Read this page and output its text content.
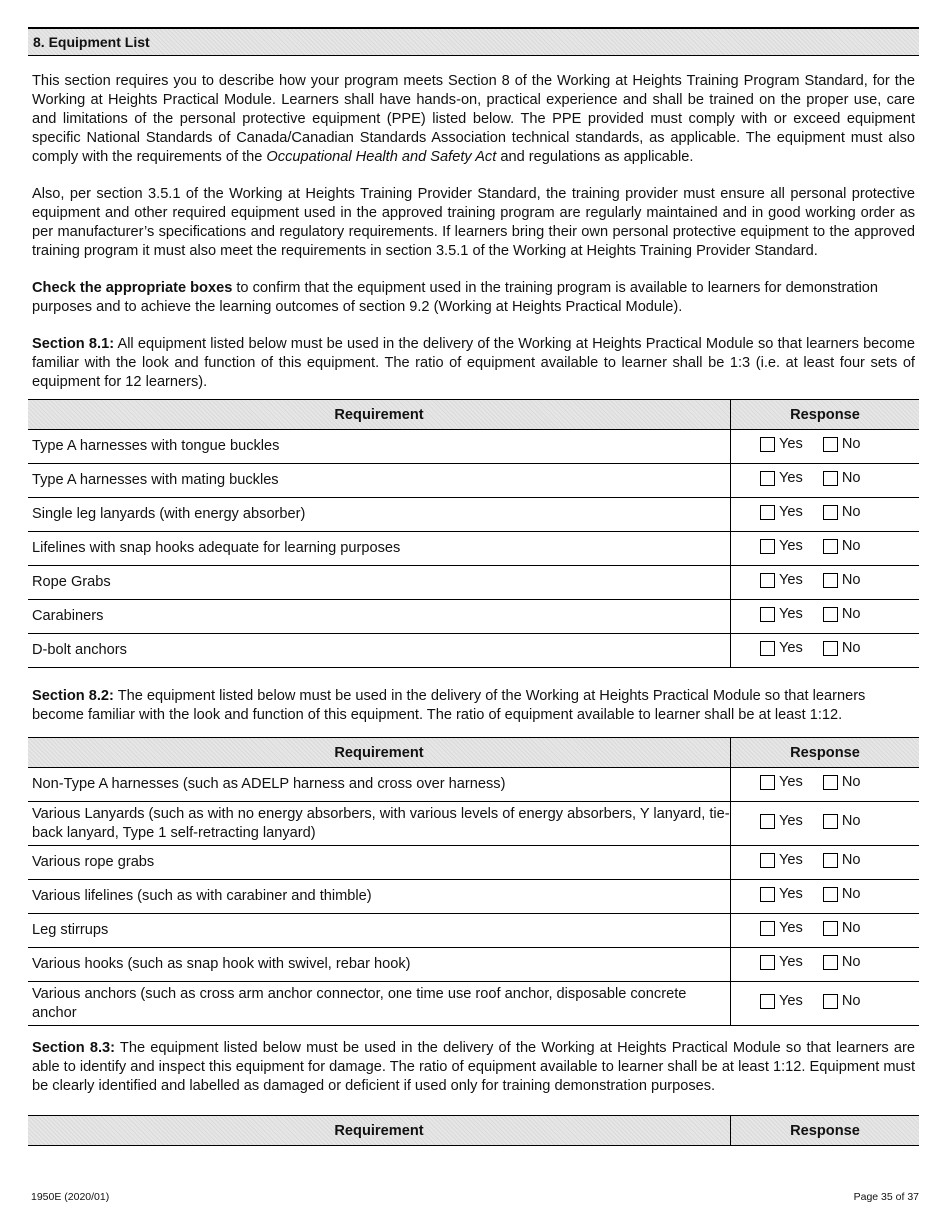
8. Equipment List

This section requires you to describe how your program meets Section 8 of the Working at Heights Training Program Standard, for the Working at Heights Practical Module. Learners shall have hands-on, practical experience and shall be trained on the proper use, care and limitations of the personal protective equipment (PPE) listed below. The PPE provided must comply with or exceed equipment specific National Standards of Canada/Canadian Standards Association technical standards, as applicable. The equipment must also comply with the requirements of the Occupational Health and Safety Act and regulations as applicable.

Also, per section 3.5.1 of the Working at Heights Training Provider Standard, the training provider must ensure all personal protective equipment and other required equipment used in the approved training program are regularly maintained and in good working order as per manufacturer’s specifications and regulatory requirements. If learners bring their own personal protective equipment to the approved training program it must also meet the requirements in section 3.5.1 of the Working at Heights Training Provider Standard.

Check the appropriate boxes to confirm that the equipment used in the training program is available to learners for demonstration purposes and to achieve the learning outcomes of section 9.2 (Working at Heights Practical Module).

Section 8.1: All equipment listed below must be used in the delivery of the Working at Heights Practical Module so that learners become familiar with the look and function of this equipment. The ratio of equipment available to learner shall be 1:3 (i.e. at least four sets of equipment for 12 learners).

Requirement	Response
Type A harnesses with tongue buckles	Yes No

Type A harnesses with mating buckles	Yes No

Single leg lanyards (with energy absorber)	Yes No

Lifelines with snap hooks adequate for learning purposes	Yes No

Rope Grabs	Yes No

Carabiners	Yes No

D-bolt anchors	Yes No

Section 8.2: The equipment listed below must be used in the delivery of the Working at Heights Practical Module so that learners become familiar with the look and function of this equipment. The ratio of equipment available to learner shall be at least 1:12.

Requirement	Response
Non-Type A harnesses (such as ADELP harness and cross over harness)	Yes No

Various Lanyards (such as with no energy absorbers, with various levels of energy absorbers, Y lanyard, tie-back lanyard, Type 1 self-retracting lanyard)	Yes No

Various rope grabs	Yes No

Various lifelines (such as with carabiner and thimble)	Yes No

Leg stirrups	Yes No

Various hooks (such as snap hook with swivel, rebar hook)	Yes No

Various anchors (such as cross arm anchor connector, one time use roof anchor, disposable concrete anchor	Yes No

Section 8.3: The equipment listed below must be used in the delivery of the Working at Heights Practical Module so that learners are able to identify and inspect this equipment for damage. The ratio of equipment available to learner shall be at least 1:12. Equipment must be clearly identified and labelled as damaged or deficient if used only for training demonstration purposes.

Requirement	Response
1950E (2020/01)	Page 35 of 37
